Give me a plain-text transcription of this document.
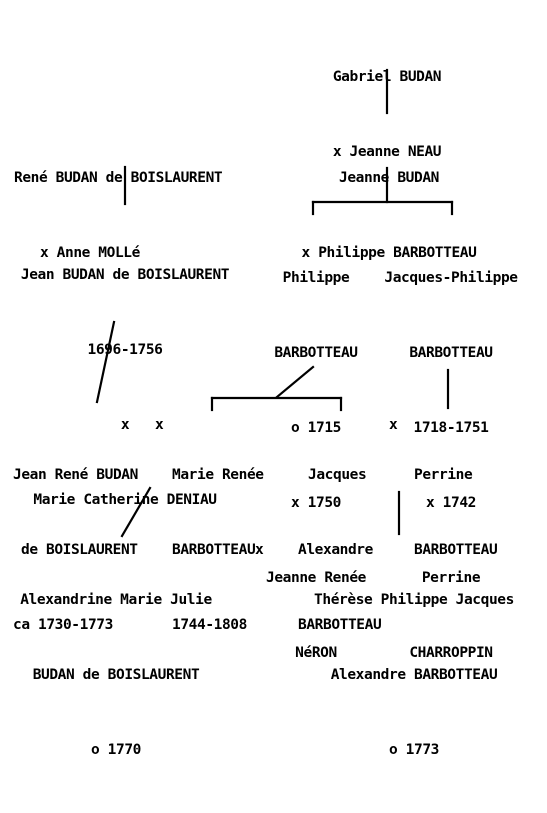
Gabriel BUDAN

x Jeanne NEAU

Jeanne BUDAN

x Philippe BARBOTTEAU

René BUDAN de BOISLAURENT

x Anne MOLLé

Jean BUDAN de BOISLAURENT

1696-1756

x

Marie Catherine DENIAU

Philippe

BARBOTTEAU

o 1715

x 1750

Jeanne Renée

NéRON

Jacques-Philippe

BARBOTTEAU

1718-1751

x 1742

Perrine

CHARROPPIN

Jean René BUDAN

de BOISLAURENT

ca 1730-1773

x

Marie Renée

BARBOTTEAU

1744-1808

Jacques

Alexandre

BARBOTTEAU

x

Perrine

BARBOTTEAU

Alexandrine Marie Julie

BUDAN de BOISLAURENT

o 1770

x

Thérèse Philippe Jacques

Alexandre BARBOTTEAU

o 1773
